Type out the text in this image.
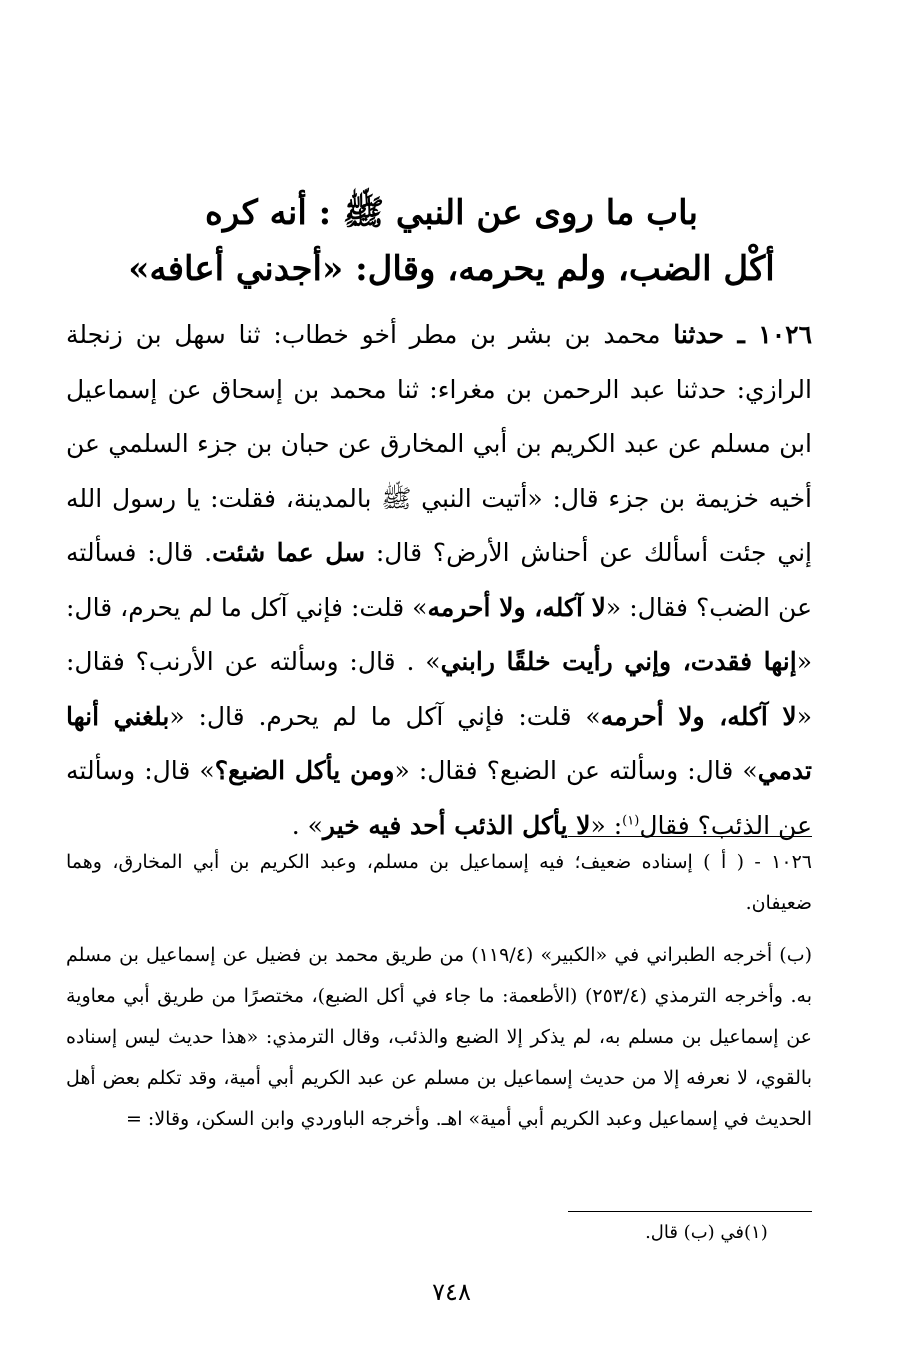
باب ما روى عن النبي ﷺ : أنه كره
أكْل الضب، ولم يحرمه، وقال: «أجدني أعافه»

١٠٢٦ ـ حدثنا محمد بن بشر بن مطر أخو خطاب: ثنا سهل بن زنجلة الرازي: حدثنا عبد الرحمن بن مغراء: ثنا محمد بن إسحاق عن إسماعيل ابن مسلم عن عبد الكريم بن أبي المخارق عن حبان بن جزء السلمي عن أخيه خزيمة بن جزء قال: «أتيت النبي ﷺ بالمدينة، فقلت: يا رسول الله إني جئت أسألك عن أحناش الأرض؟ قال: سل عما شئت. قال: فسألته عن الضب؟ فقال: «لا آكله، ولا أحرمه» قلت: فإني آكل ما لم يحرم، قال: «إنها فقدت، وإني رأيت خلقًا رابني» . قال: وسألته عن الأرنب؟ فقال: «لا آكله، ولا أحرمه» قلت: فإني آكل ما لم يحرم. قال: «بلغني أنها تدمي» قال: وسألته عن الضبع؟ فقال: «ومن يأكل الضبع؟» قال: وسألته عن الذئب؟ فقال$^{(١)}$: «لا يأكل الذئب أحد فيه خير» .

١٠٢٦ - ( أ ) إسناده ضعيف؛ فيه إسماعيل بن مسلم، وعبد الكريم بن أبي المخارق، وهما ضعيفان.

(ب) أخرجه الطبراني في «الكبير» (١١٩/٤) من طريق محمد بن فضيل عن إسماعيل بن مسلم به. وأخرجه الترمذي (٢٥٣/٤) (الأطعمة: ما جاء في أكل الضبع)، مختصرًا من طريق أبي معاوية عن إسماعيل بن مسلم به، لم يذكر إلا الضبع والذئب، وقال الترمذي: «هذا حديث ليس إسناده بالقوي، لا نعرفه إلا من حديث إسماعيل بن مسلم عن عبد الكريم أبي أمية، وقد تكلم بعض أهل الحديث في إسماعيل وعبد الكريم أبي أمية» اهـ. وأخرجه الباوردي وابن السكن، وقالا: =

(١)في (ب) قال.
٧٤٨
